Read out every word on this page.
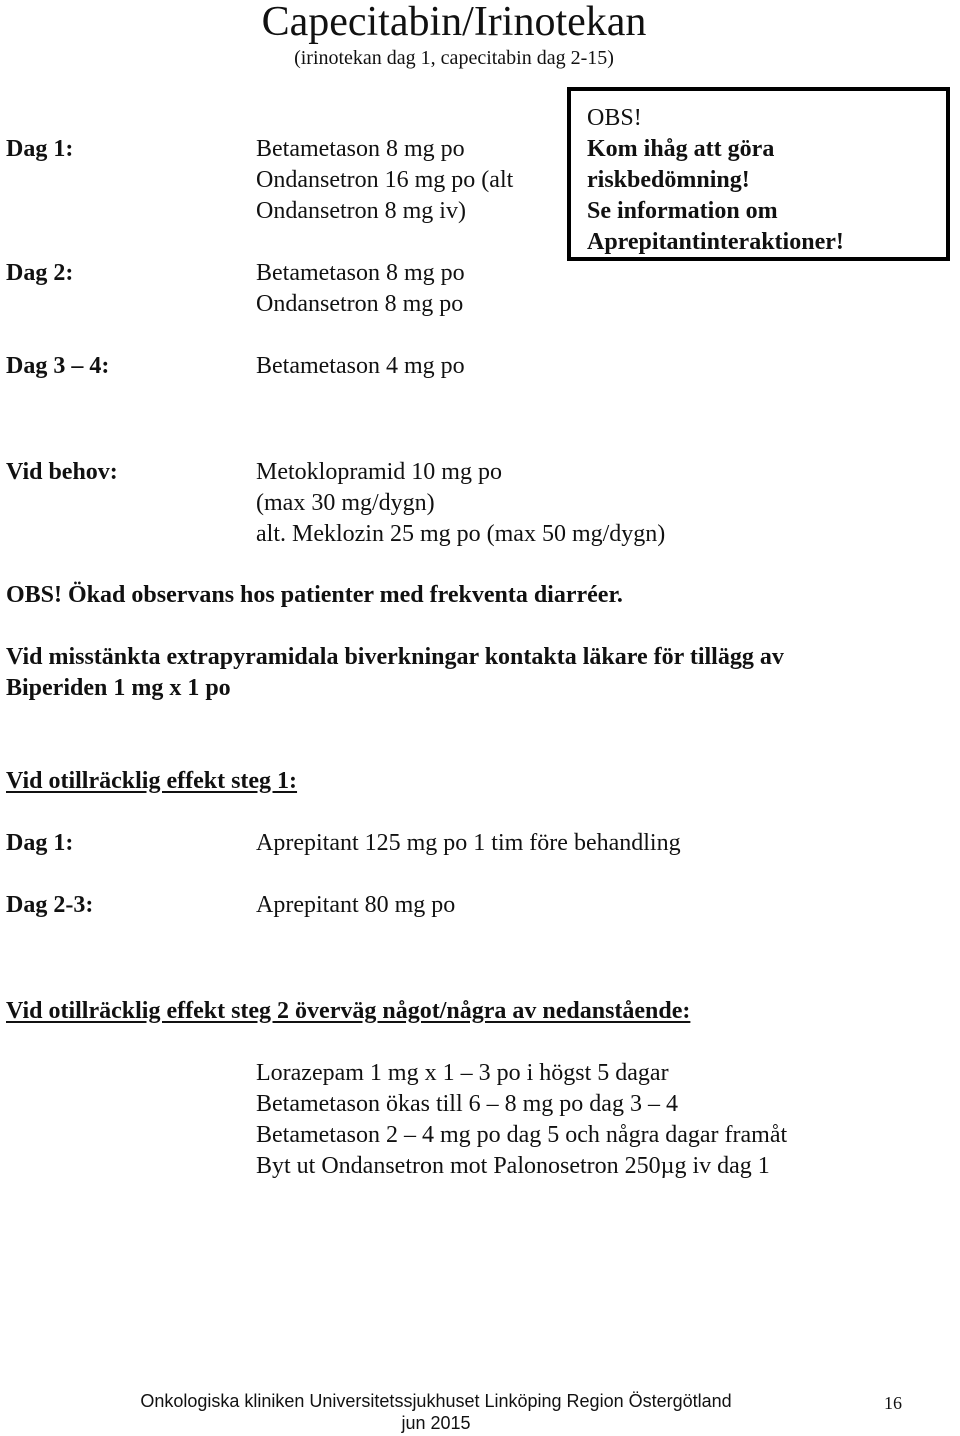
Capecitabin/Irinotekan
(irinotekan dag 1, capecitabin dag 2-15)
Dag 1:	Betametason 8 mg po
Ondansetron 16 mg po (alt
Ondansetron 8 mg iv)
Dag 2:	Betametason 8 mg po
Ondansetron 8 mg po
Dag 3 – 4:	Betametason 4 mg po
OBS!
Kom ihåg att göra
riskbedömning!
Se information om
Aprepitantinteraktioner!
Vid behov:	Metoklopramid 10 mg po
(max 30 mg/dygn)
alt. Meklozin 25 mg po (max 50 mg/dygn)
OBS! Ökad observans hos patienter med frekventa diarréer.
Vid misstänkta extrapyramidala biverkningar kontakta läkare för tillägg av
Biperiden 1 mg x 1 po
Vid otillräcklig effekt steg 1:
Dag 1:	Aprepitant 125 mg po 1 tim före behandling
Dag 2-3:	Aprepitant 80 mg po
Vid otillräcklig effekt steg 2 överväg något/några av nedanstående:
Lorazepam 1 mg x 1 – 3 po i högst 5 dagar
Betametason ökas till 6 – 8 mg po dag 3 – 4
Betametason 2 – 4 mg po dag 5 och några dagar framåt
Byt ut Ondansetron mot Palonosetron 250µg iv dag 1
Onkologiska kliniken Universitetssjukhuset Linköping Region Östergötland
jun 2015
16
